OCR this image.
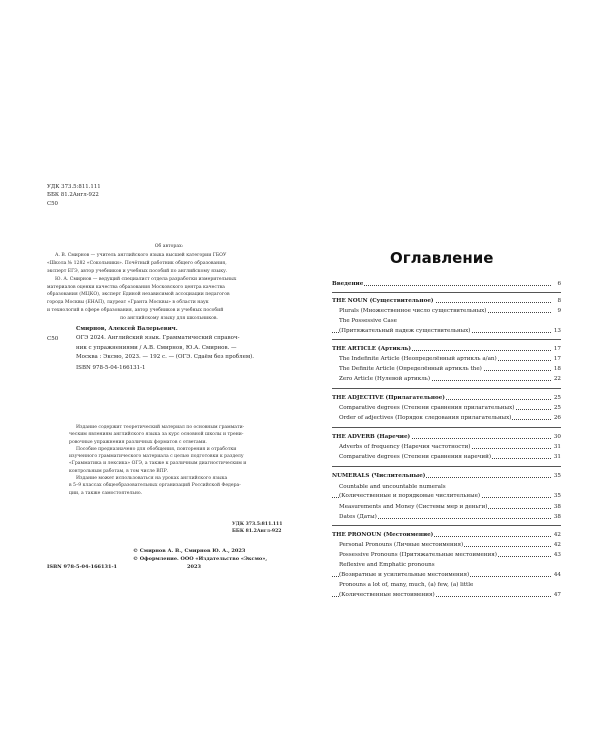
УДК 373.5:811.111
ББК 81.2Англ-922
С50
Об авторах:

А. В. Смирнов — учитель английского языка высшей категории ГБОУ

«Школа № 1282 «Сокольники». Почётный работник общего образования,

эксперт ЕГЭ, автор учебников и учебных пособий по английскому языку.

Ю. А. Смирнов — ведущий специалист отдела разработки измерительных

материалов оценки качества образования Московского центра качества

образования (МЦКО), эксперт Единой независимой ассоциации педагогов

города Москвы (ЕНАП), лауреат «Гранта Москвы» в области наук

и технологий в сфере образования, автор учебников и учебных пособий

по английскому языку для школьников.

С50
Смирнов, Алексей Валерьевич.
ОГЭ 2024. Английский язык. Грамматический справоч-
ник с упражнениями / А.В. Смирнов, Ю.А. Смирнов. —
Москва : Эксмо, 2023. — 192 с. — (ОГЭ. Сдаём без проблем).
ISBN 978-5-04-166131-1

Издание содержит теоретический материал по основным граммати-

ческим явлениям английского языка за курс основной школы и трени-

ровочные упражнения различных форматов с ответами.

Пособие предназначено для обобщения, повторения и отработки

изученного грамматического материала с целью подготовки к разделу

«Грамматика и лексика» ОГЭ, а также к различным диагностическим и

контрольным работам, в том числе ВПР.

Издание может использоваться на уроках английского языка

в 5–9 классах общеобразовательных организаций Российской Федера-

ции, а также самостоятельно.

УДК 373.5:811.111
ББК 81.2Англ-922
ISBN 978-5-04-166131-1
© Смирнов А. В., Смирнов Ю. А., 2023
© Оформление. ООО «Издательство «Эксмо»,
2023
Оглавление
Введение	6
THE NOUN (Существительное)	8
Plurals (Множественное число существительных)	9
The Possessive Case
(Притяжательный падеж существительных)	13
THE ARTICLE (Артикль)	17
The Indefinite Article (Неопределённый артикль a/an)	17
The Definite Article (Определённый артикль the)	18
Zero Article (Нулевой артикль)	22
THE ADJECTIVE (Прилагательное)	25
Comparative degrees (Степени сравнения прилагательных)	25
Order of adjectives (Порядок следования прилагательных)	26
THE ADVERB (Наречие)	30
Adverbs of frequency (Наречия частотности)	31
Comparative degrees (Степени сравнения наречий)	31
NUMERALS (Числительные)	35
Countable and uncountable numerals
(Количественные и порядковые числительные)	35
Measurements and Money (Системы мер и деньги)	38
Dates (Даты)	38
THE PRONOUN (Местоимение)	42
Personal Pronouns (Личные местоимения)	42
Possessive Pronouns (Притяжательные местоимения)	43
Reflexive and Emphatic pronouns
(Возвратные и усилительные местоимения)	44
Pronouns a lot of, many, much, (a) few, (a) little
(Количественные местоимения)	47
